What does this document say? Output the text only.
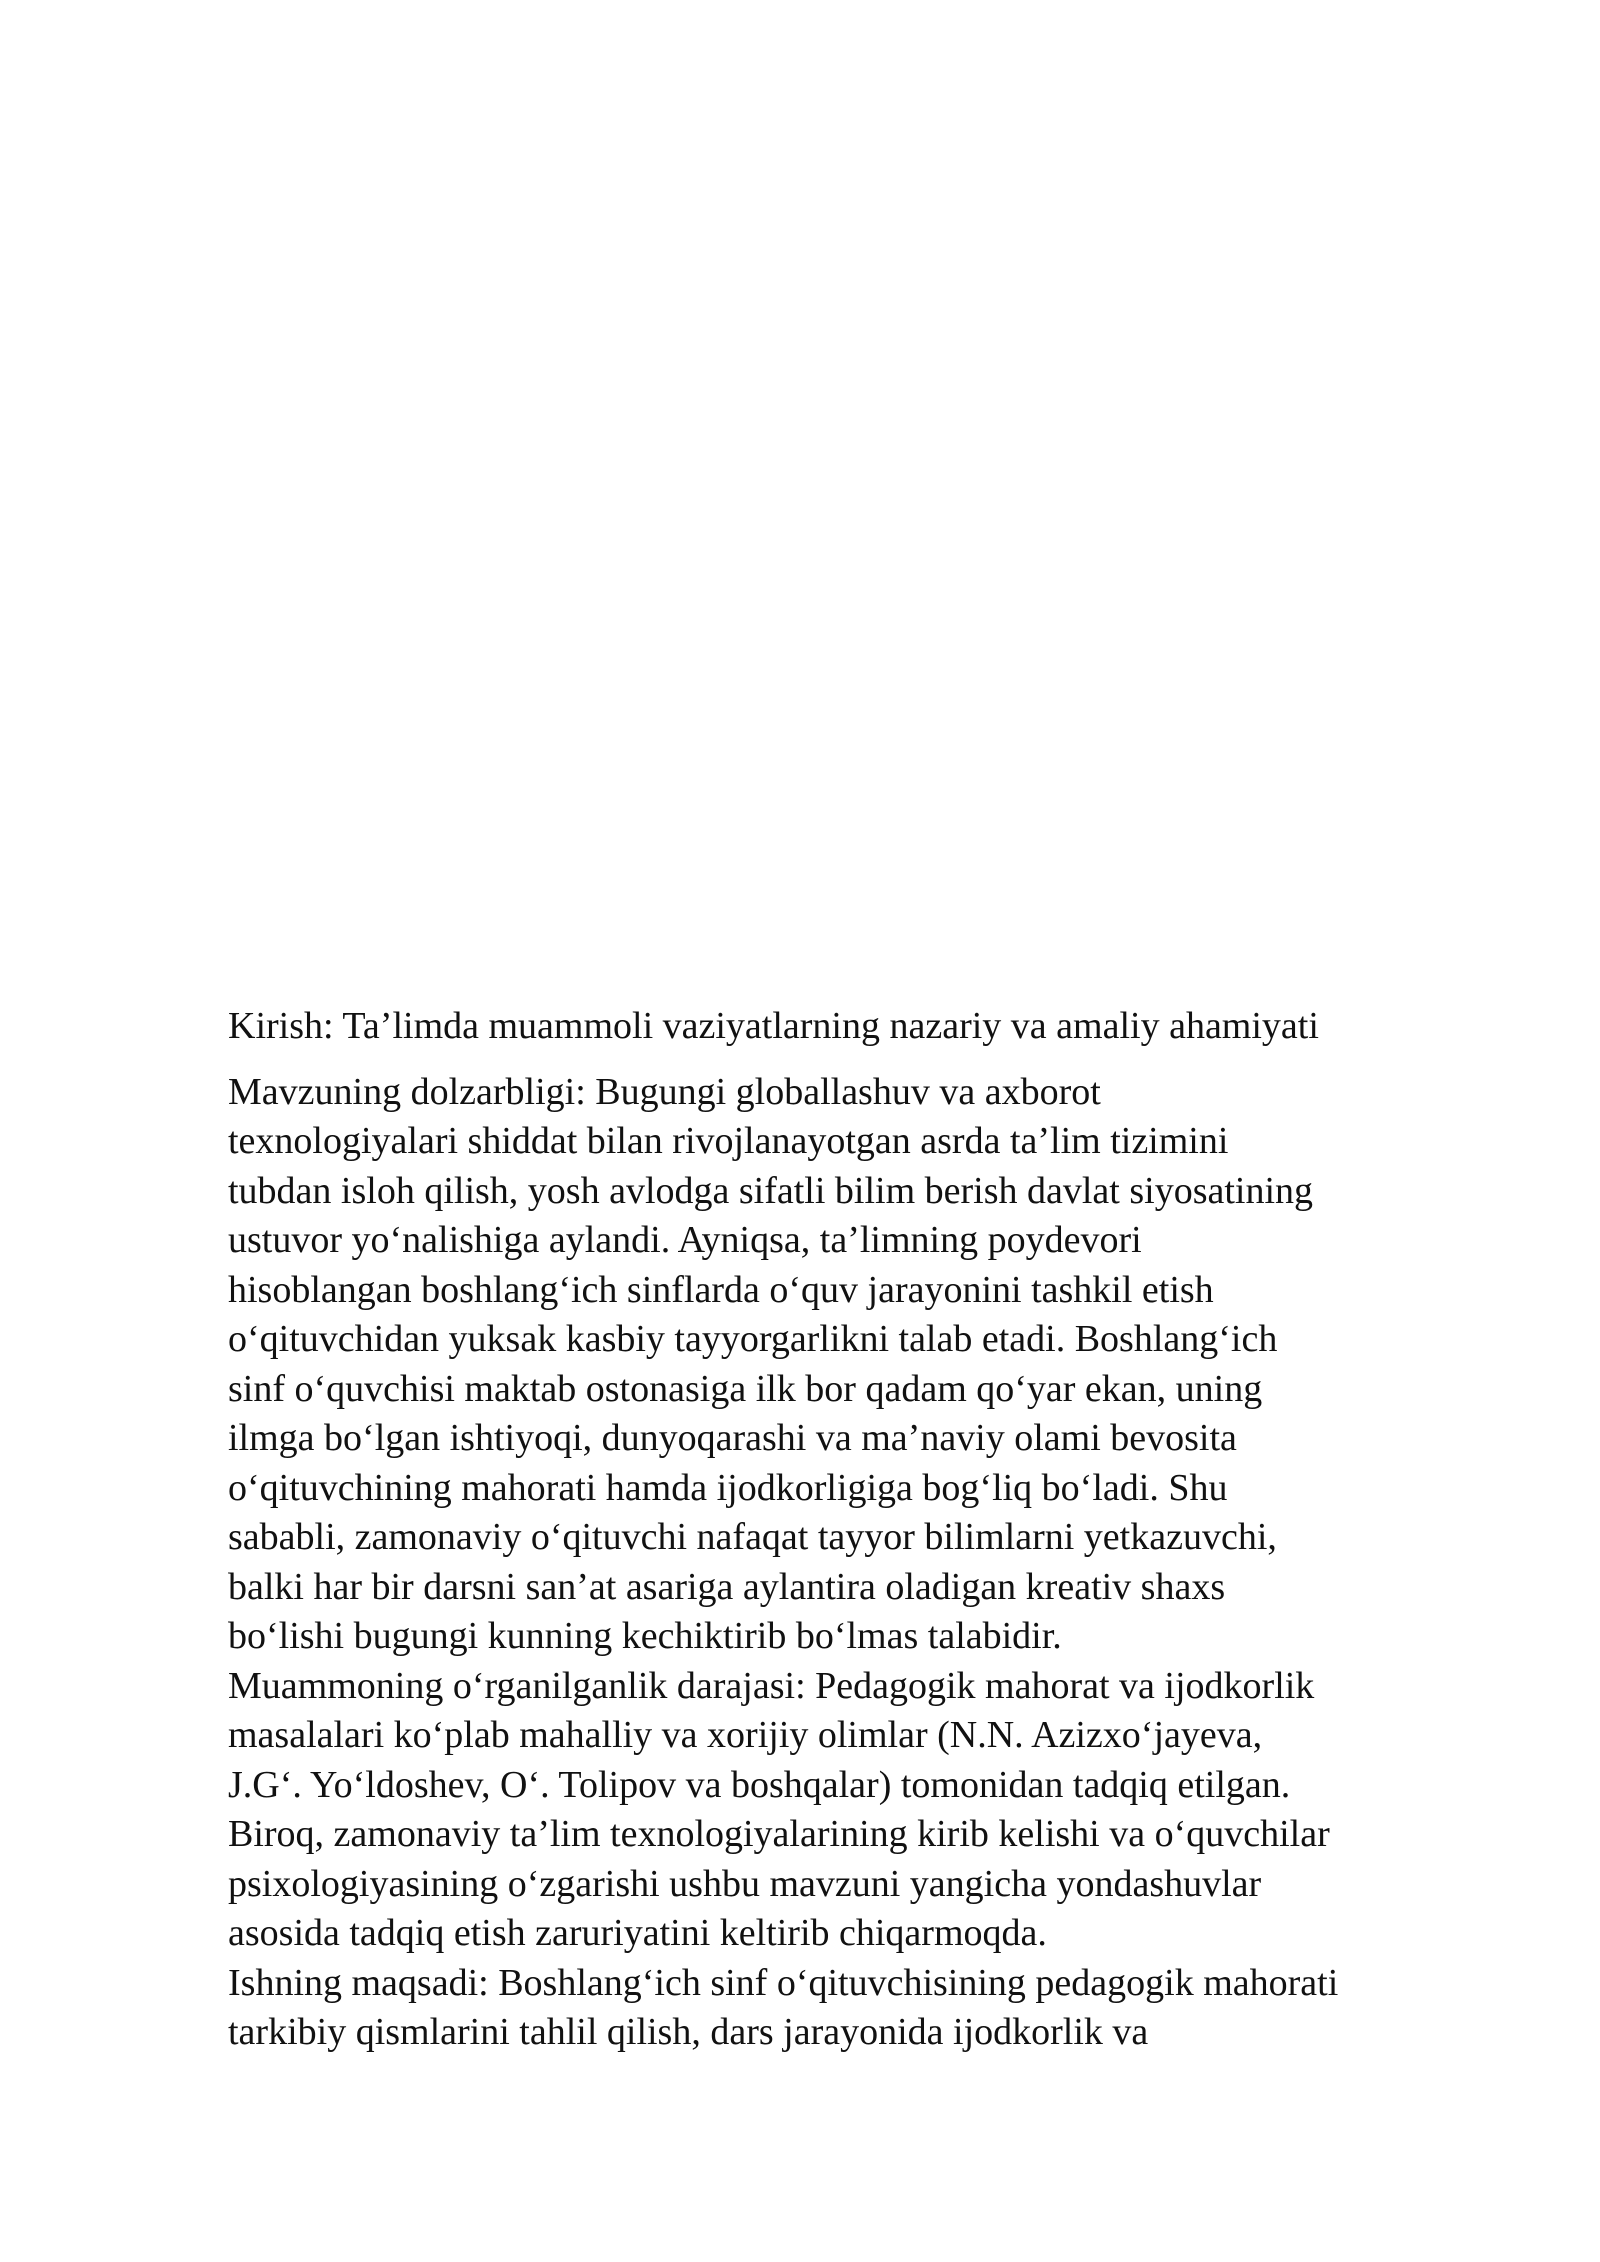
Kirish: Ta’limda muammoli vaziyatlarning nazariy va amaliy ahamiyati
Mavzuning dolzarbligi: Bugungi globallashuv va axborot
texnologiyalari shiddat bilan rivojlanayotgan asrda ta’lim tizimini
tubdan isloh qilish, yosh avlodga sifatli bilim berish davlat siyosatining
ustuvor yo‘nalishiga aylandi. Ayniqsa, ta’limning poydevori
hisoblangan boshlang‘ich sinflarda o‘quv jarayonini tashkil etish
o‘qituvchidan yuksak kasbiy tayyorgarlikni talab etadi. Boshlang‘ich
sinf o‘quvchisi maktab ostonasiga ilk bor qadam qo‘yar ekan, uning
ilmga bo‘lgan ishtiyoqi, dunyoqarashi va ma’naviy olami bevosita
o‘qituvchining mahorati hamda ijodkorligiga bog‘liq bo‘ladi. Shu
sababli, zamonaviy o‘qituvchi nafaqat tayyor bilimlarni yetkazuvchi,
balki har bir darsni san’at asariga aylantira oladigan kreativ shaxs
bo‘lishi bugungi kunning kechiktirib bo‘lmas talabidir.
Muammoning o‘rganilganlik darajasi: Pedagogik mahorat va ijodkorlik
masalalari ko‘plab mahalliy va xorijiy olimlar (N.N. Azizxo‘jayeva,
J.G‘. Yo‘ldoshev, O‘. Tolipov va boshqalar) tomonidan tadqiq etilgan.
Biroq, zamonaviy ta’lim texnologiyalarining kirib kelishi va o‘quvchilar
psixologiyasining o‘zgarishi ushbu mavzuni yangicha yondashuvlar
asosida tadqiq etish zaruriyatini keltirib chiqarmoqda.
Ishning maqsadi: Boshlang‘ich sinf o‘qituvchisining pedagogik mahorati
tarkibiy qismlarini tahlil qilish, dars jarayonida ijodkorlik va
